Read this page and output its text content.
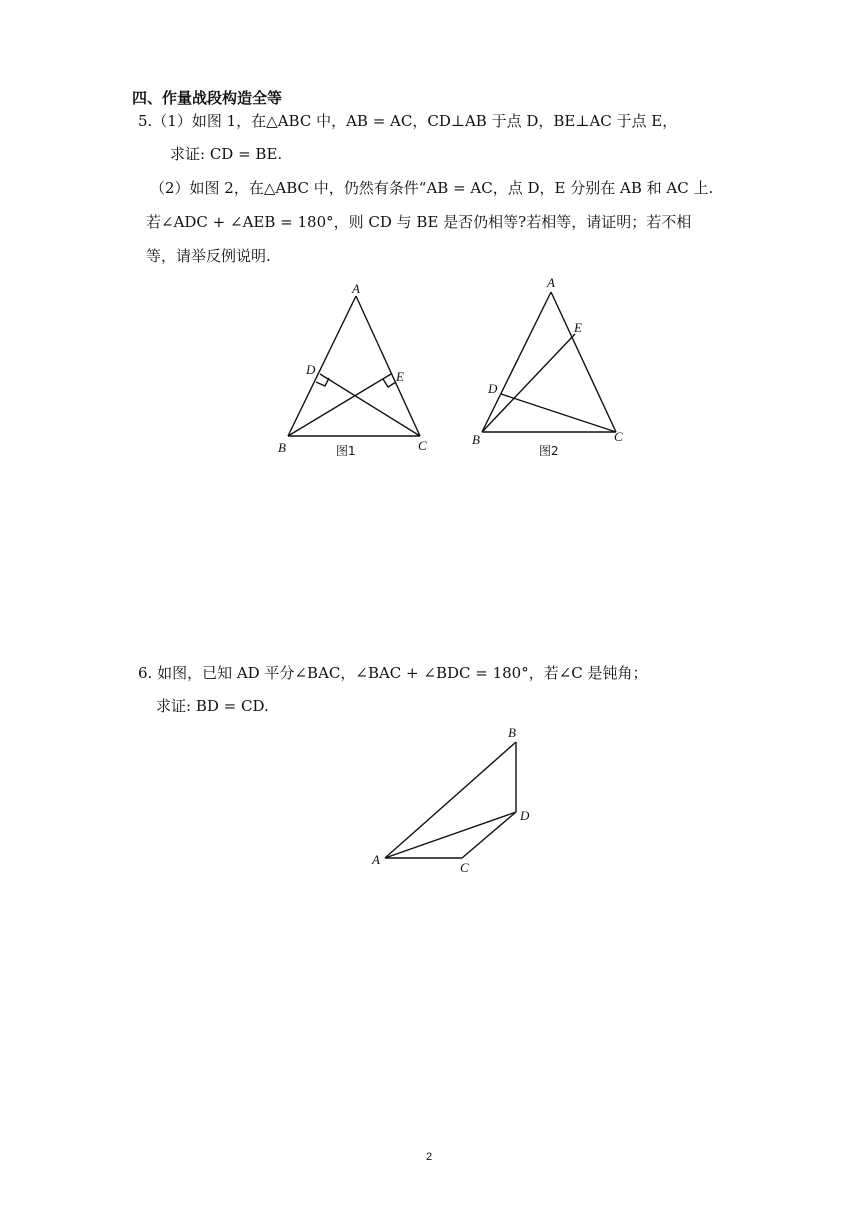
四、作量战段构造全等
5.（1）如图 1，在△ABC 中，AB = AC，CD⊥AB 于点 D，BE⊥AC 于点 E，
求证: CD = BE.
（2）如图 2，在△ABC 中，仍然有条件“AB = AC，点 D，E 分别在 AB 和 AC 上.
若∠ADC + ∠AEB = 180°，则 CD 与 BE 是否仍相等?若相等，请证明；若不相
等，请举反例说明.
A
B	C
D	E
图1
A
B	C
D
E
图2
6. 如图，已知 AD 平分∠BAC，∠BAC + ∠BDC = 180°，若∠C 是钝角；
求证: BD = CD.
B
D
A
C
2
